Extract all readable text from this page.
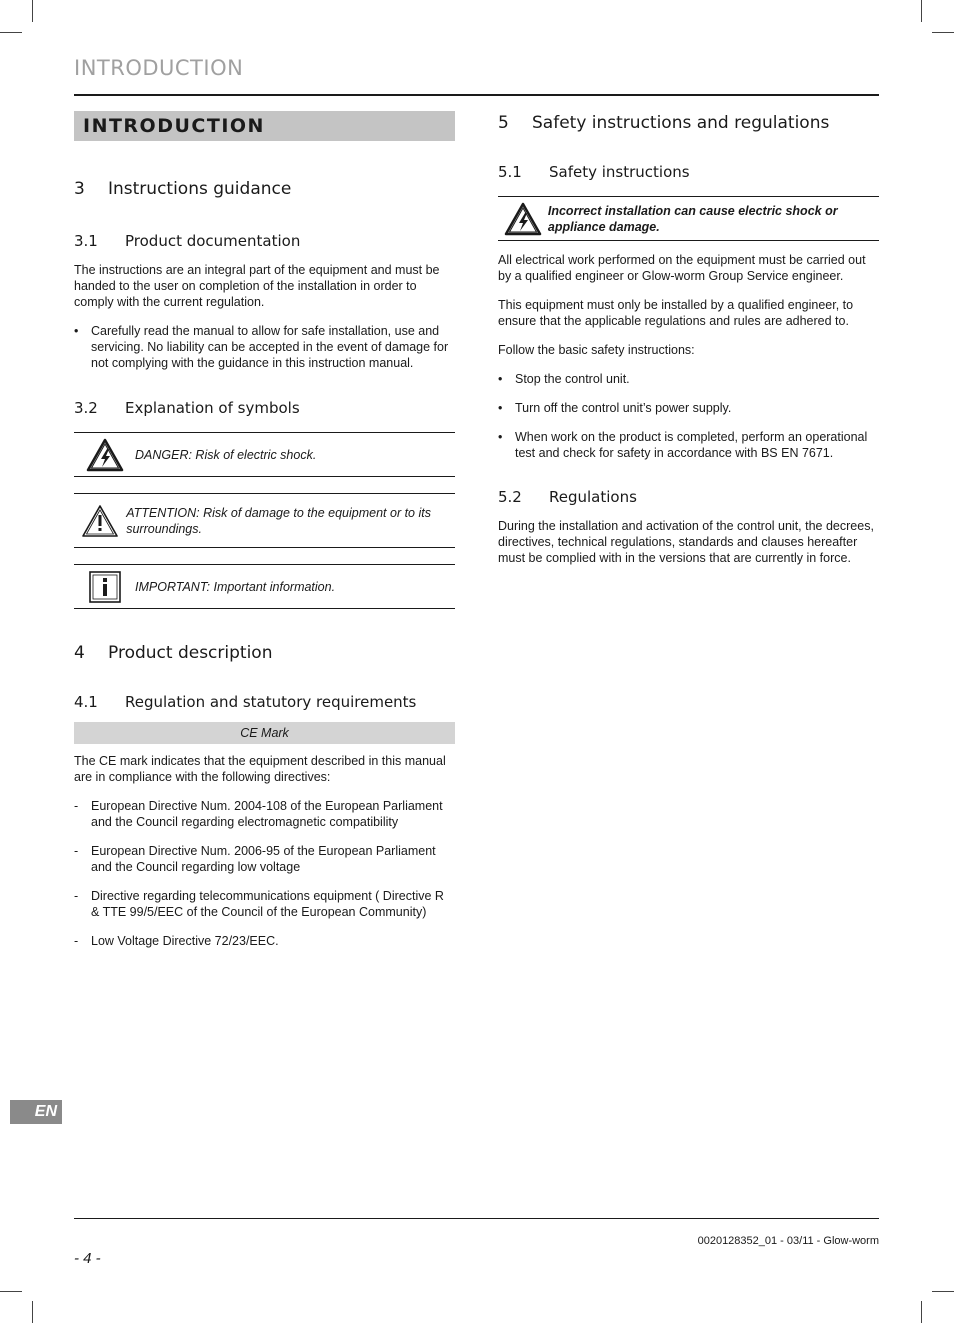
INTRODUCTION
INTRODUCTION
3	Instructions guidance
3.1	Product documentation

The instructions are an integral part of the equipment and must be handed to the user on completion of the installation in order to comply with the current regulation.

• Carefully read the manual to allow for safe installation, use and servicing. No liability can be accepted in the event of damage for not complying with the guidance in this instruction manual.
3.2	Explanation of symbols
DANGER: Risk of electric shock.
ATTENTION: Risk of damage to the equipment or to its surroundings.
IMPORTANT: Important information.
4	Product description
4.1	Regulation and statutory requirements
CE Mark

The CE mark indicates that the equipment described in this manual are in compliance with the following directives:

- European Directive Num. 2004-108 of the European Parliament and the Council regarding electromagnetic compatibility
- European Directive Num. 2006-95 of the European Parliament and the Council regarding low voltage
- Directive regarding telecommunications equipment ( Directive R & TTE 99/5/EEC of the Council of the European Community)
- Low Voltage Directive 72/23/EEC.
5	Safety instructions and regulations
5.1	Safety instructions
Incorrect installation can cause electric shock or appliance damage.

All electrical work performed on the equipment must be carried out by a qualified engineer or Glow-worm Group Service engineer.

This equipment must only be installed by a qualified engineer, to ensure that the applicable regulations and rules are adhered to.

Follow the basic safety instructions:

• Stop the control unit.
• Turn off the control unit’s power supply.
• When work on the product is completed, perform an operational test and check for safety in accordance with BS EN 7671.
5.2	Regulations

During the installation and activation of the control unit, the decrees, directives, technical regulations, standards and clauses hereafter must be complied with in the versions that are currently in force.

EN
0020128352_01 - 03/11 - Glow-worm
- 4 -
